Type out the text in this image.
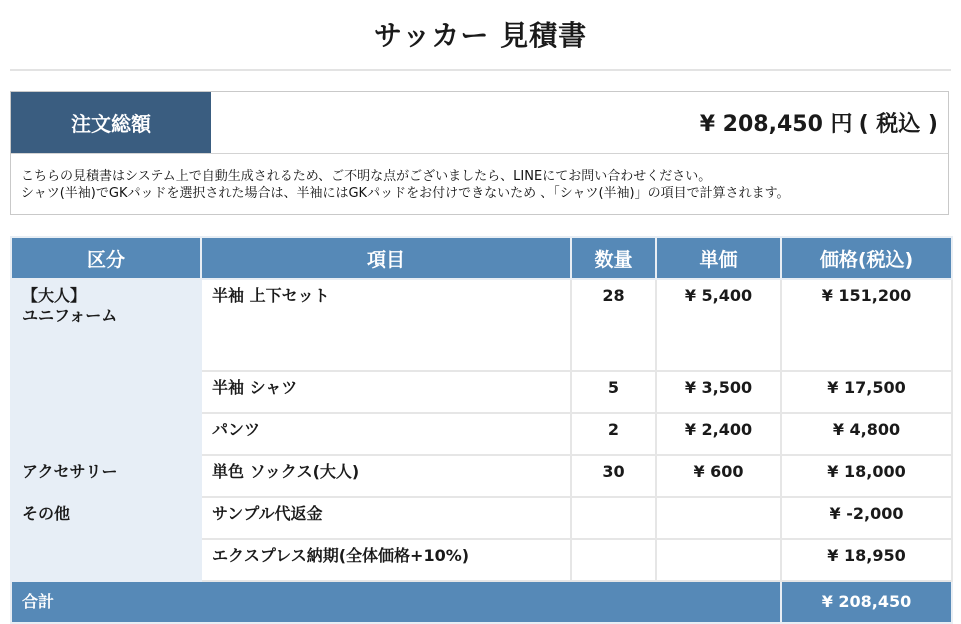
サッカー 見積書
注文総額	¥ 208,450 円 ( 税込 )
こちらの見積書はシステム上で自動生成されるため、ご不明な点がございましたら、LINEにてお問い合わせください。
シャツ(半袖)でGKパッドを選択された場合は、半袖にはGKパッドをお付けできないため 、「シャツ(半袖)」の項目で計算されます。
区分	項目	数量	単価	価格(税込)

【大人】
ユニフォーム	半袖 上下セット	28	¥ 5,400	¥ 151,200
	半袖 シャツ	5	¥ 3,500	¥ 17,500
	パンツ	2	¥ 2,400	¥ 4,800
アクセサリー	単色 ソックス(大人)	30	¥ 600	¥ 18,000
その他	サンプル代返金			¥ -2,000
	エクスプレス納期(全体価格+10%)			¥ 18,950
合計				¥ 208,450
